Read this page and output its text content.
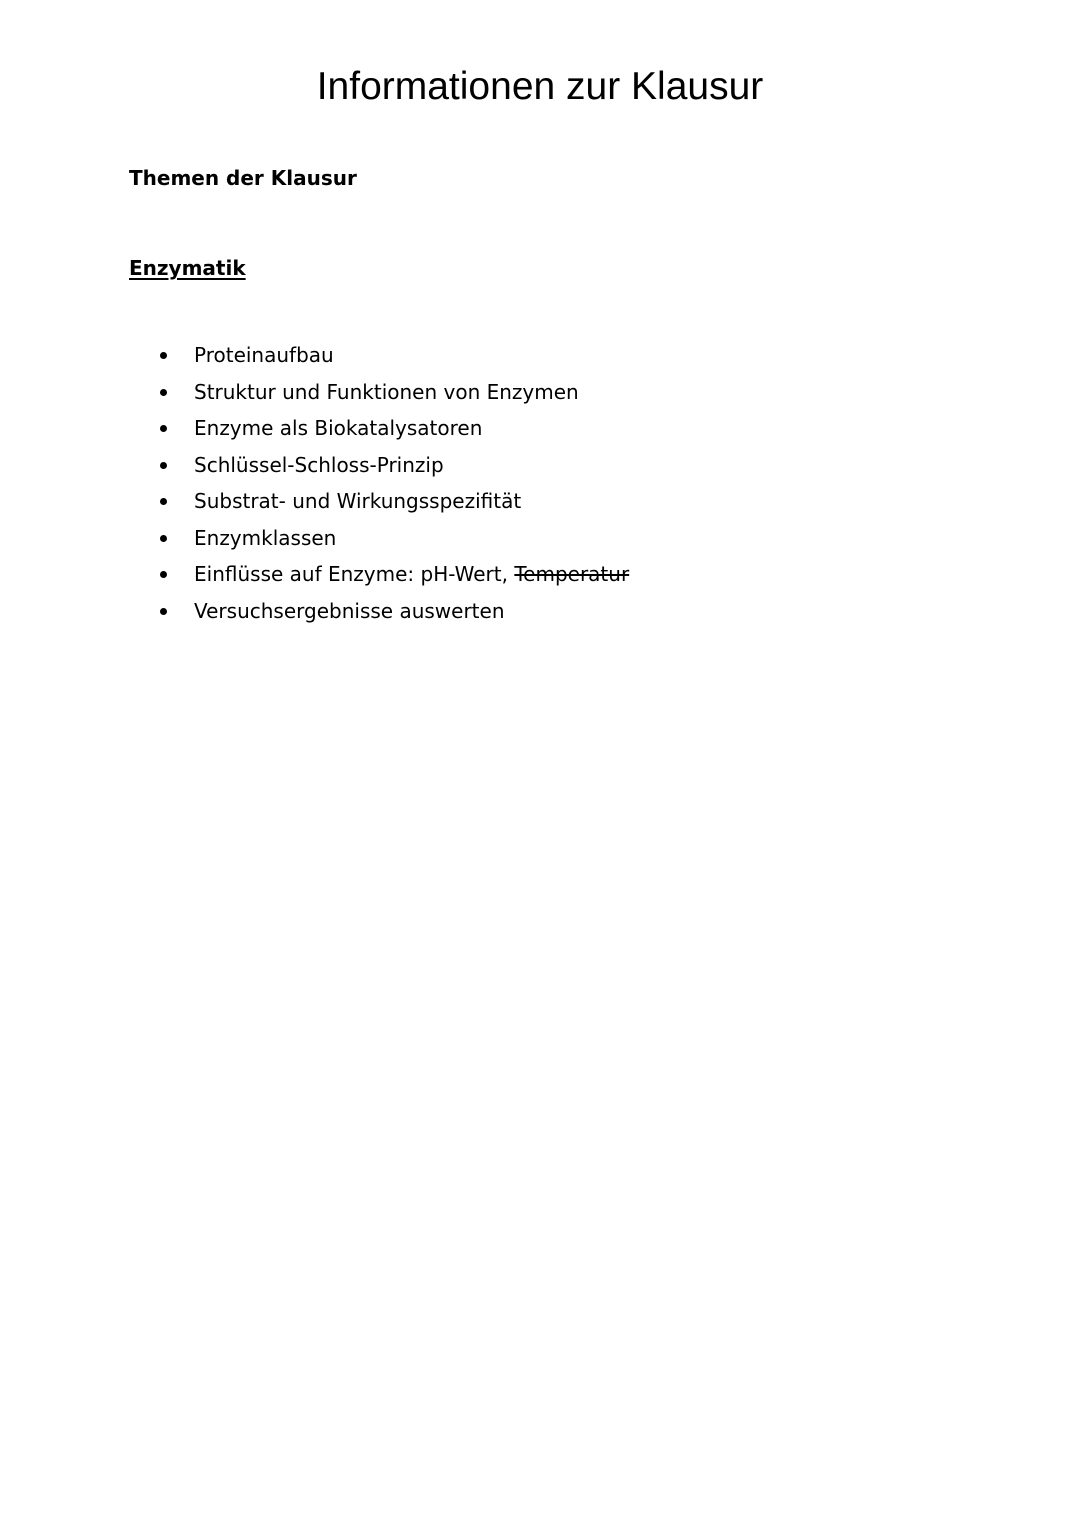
Informationen zur Klausur
Themen der Klausur
Enzymatik
Proteinaufbau
Struktur und Funktionen von Enzymen
Enzyme als Biokatalysatoren
Schlüssel-Schloss-Prinzip
Substrat- und Wirkungsspezifität
Enzymklassen
Einflüsse auf Enzyme: pH-Wert, Temperatur
Versuchsergebnisse auswerten
